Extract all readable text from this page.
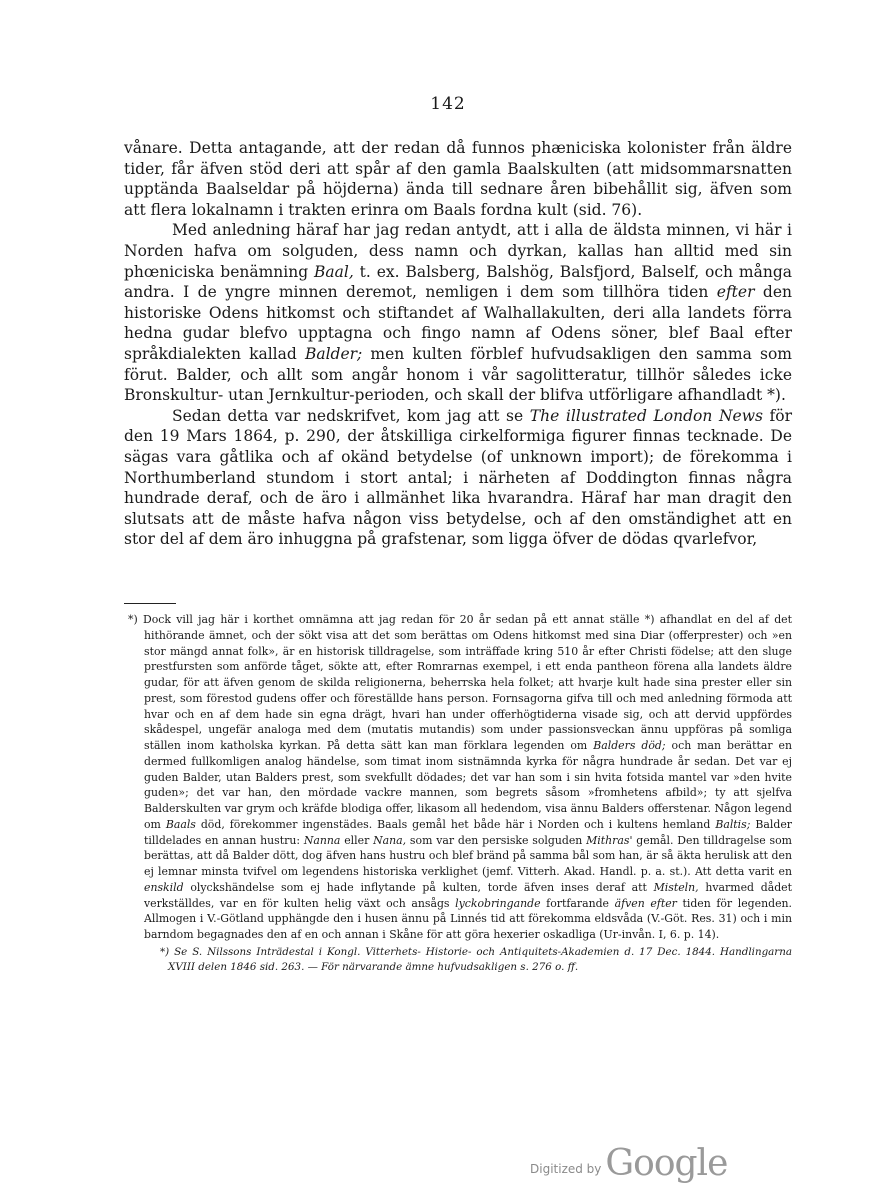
142

vånare. Detta antagande, att der redan då funnos phæniciska kolonister från äldre tider, får äfven stöd deri att spår af den gamla Baalskulten (att midsommarsnatten upptända Baalseldar på höjderna) ända till sednare åren bibehållit sig, äfven som att flera lokalnamn i trakten erinra om Baals fordna kult (sid. 76).

Med anledning häraf har jag redan antydt, att i alla de äldsta minnen, vi här i Norden hafva om solguden, dess namn och dyrkan, kallas han alltid med sin phœniciska benämning Baal, t. ex. Balsberg, Balshög, Balsfjord, Balself, och många andra. I de yngre minnen deremot, nemligen i dem som tillhöra tiden efter den historiske Odens hitkomst och stiftandet af Walhallakulten, deri alla landets förra hedna gudar blefvo upptagna och fingo namn af Odens söner, blef Baal efter språkdialekten kallad Balder; men kulten förblef hufvudsakligen den samma som förut. Balder, och allt som angår honom i vår sagolitteratur, tillhör således icke Bronskultur- utan Jernkultur-perioden, och skall der blifva utförligare afhandladt *).

Sedan detta var nedskrifvet, kom jag att se The illustrated London News för den 19 Mars 1864, p. 290, der åtskilliga cirkelformiga figurer finnas tecknade. De sägas vara gåtlika och af okänd betydelse (of unknown import); de förekomma i Northumberland stundom i stort antal; i närheten af Doddington finnas några hundrade deraf, och de äro i allmänhet lika hvarandra. Häraf har man dragit den slutsats att de måste hafva någon viss betydelse, och af den omständighet att en stor del af dem äro inhuggna på grafstenar, som ligga öfver de dödas qvarlefvor,

*) Dock vill jag här i korthet omnämna att jag redan för 20 år sedan på ett annat ställe *) afhandlat en del af det hithörande ämnet, och der sökt visa att det som berättas om Odens hitkomst med sina Diar (offerprester) och »en stor mängd annat folk», är en historisk tilldragelse, som inträffade kring 510 år efter Christi födelse; att den sluge prestfursten som anförde tåget, sökte att, efter Romrarnas exempel, i ett enda pantheon förena alla landets äldre gudar, för att äfven genom de skilda religionerna, beherrska hela folket; att hvarje kult hade sina prester eller sin prest, som förestod gudens offer och föreställde hans person. Fornsagorna gifva till och med anledning förmoda att hvar och en af dem hade sin egna drägt, hvari han under offerhögtiderna visade sig, och att dervid uppfördes skådespel, ungefär analoga med dem (mutatis mutandis) som under passionsveckan ännu uppföras på somliga ställen inom katholska kyrkan. På detta sätt kan man förklara legenden om Balders död; och man berättar en dermed fullkomligen analog händelse, som timat inom sistnämnda kyrka för några hundrade år sedan. Det var ej guden Balder, utan Balders prest, som svekfullt dödades; det var han som i sin hvita fotsida mantel var »den hvite guden»; det var han, den mördade vackre mannen, som begrets såsom »fromhetens afbild»; ty att sjelfva Balderskulten var grym och kräfde blodiga offer, likasom all hedendom, visa ännu Balders offerstenar. Någon legend om Baals död, förekommer ingenstädes. Baals gemål het både här i Norden och i kultens hemland Baltis; Balder tilldelades en annan hustru: Nanna eller Nana, som var den persiske solguden Mithras' gemål. Den tilldragelse som berättas, att då Balder dött, dog äfven hans hustru och blef bränd på samma bål som han, är så äkta herulisk att den ej lemnar minsta tvifvel om legendens historiska verklighet (jemf. Vitterh. Akad. Handl. p. a. st.). Att detta varit en enskild olyckshändelse som ej hade inflytande på kulten, torde äfven inses deraf att Misteln, hvarmed dådet verkställdes, var en för kulten helig växt och ansågs lyckobringande fortfarande äfven efter tiden för legenden. Allmogen i V.-Götland upphängde den i husen ännu på Linnés tid att förekomma eldsvåda (V.-Göt. Res. 31) och i min barndom begagnades den af en och annan i Skåne för att göra hexerier oskadliga (Ur-invån. I, 6. p. 14).

*) Se S. Nilssons Inträdestal i Kongl. Vitterhets- Historie- och Antiquitets-Akademien d. 17 Dec. 1844. Handlingarna XVIII delen 1846 sid. 263. — För närvarande ämne hufvudsakligen s. 276 o. ff.

Digitized by Google
